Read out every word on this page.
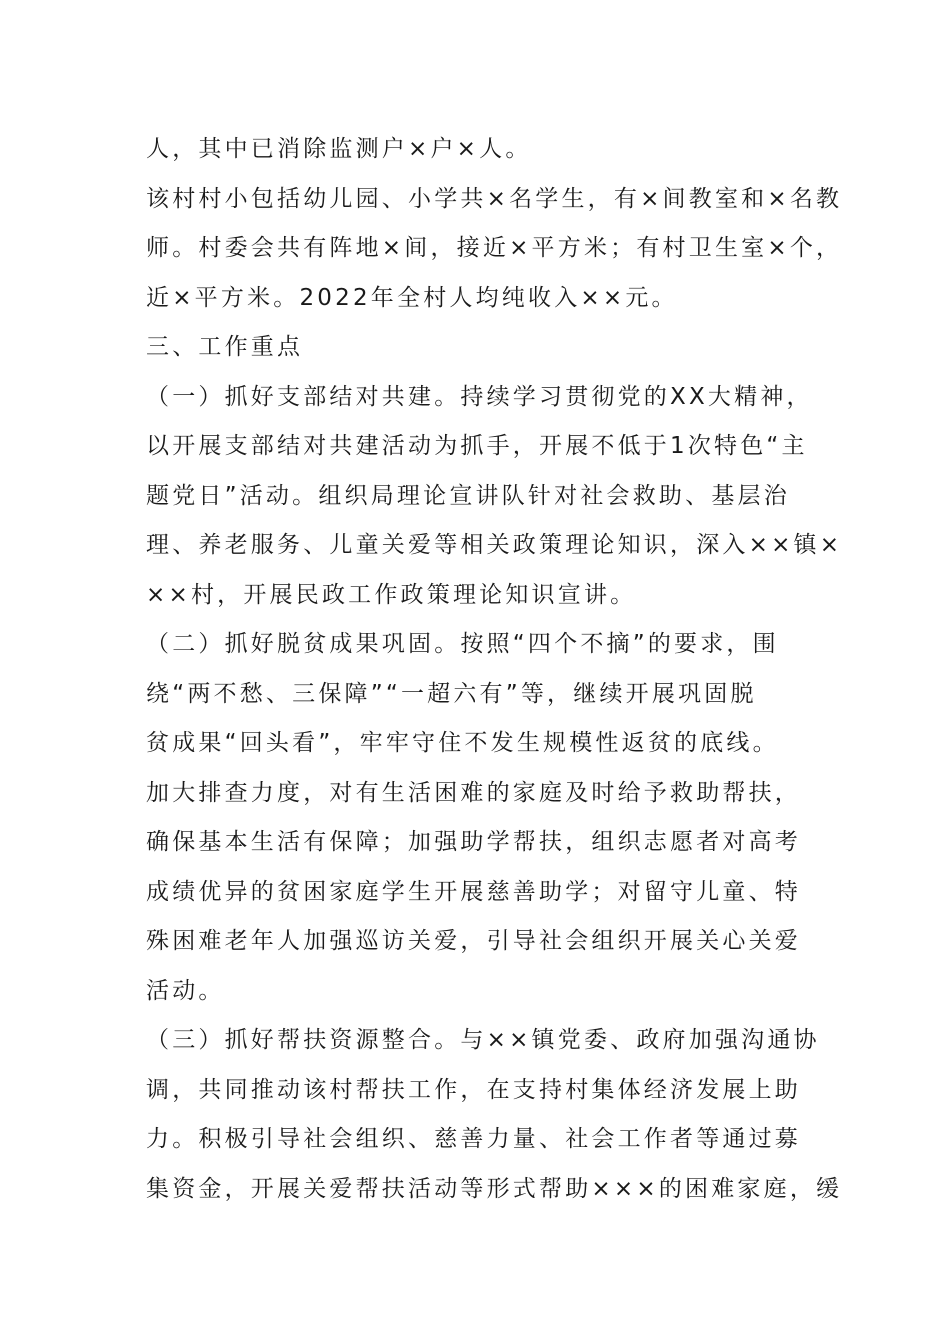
人，其中已消除监测户×户×人。
该村村小包括幼儿园、小学共×名学生，有×间教室和×名教
师。村委会共有阵地×间，接近×平方米；有村卫生室×个，
近×平方米。2022年全村人均纯收入××元。
三、工作重点
（一）抓好支部结对共建。持续学习贯彻党的XX大精神，
以开展支部结对共建活动为抓手，开展不低于1次特色“主
题党日”活动。组织局理论宣讲队针对社会救助、基层治
理、养老服务、儿童关爱等相关政策理论知识，深入××镇×
××村，开展民政工作政策理论知识宣讲。
（二）抓好脱贫成果巩固。按照“四个不摘”的要求，围
绕“两不愁、三保障”“一超六有”等，继续开展巩固脱
贫成果“回头看”，牢牢守住不发生规模性返贫的底线。
加大排查力度，对有生活困难的家庭及时给予救助帮扶，
确保基本生活有保障；加强助学帮扶，组织志愿者对高考
成绩优异的贫困家庭学生开展慈善助学；对留守儿童、特
殊困难老年人加强巡访关爱，引导社会组织开展关心关爱
活动。
（三）抓好帮扶资源整合。与××镇党委、政府加强沟通协
调，共同推动该村帮扶工作，在支持村集体经济发展上助
力。积极引导社会组织、慈善力量、社会工作者等通过募
集资金，开展关爱帮扶活动等形式帮助×××的困难家庭，缓
